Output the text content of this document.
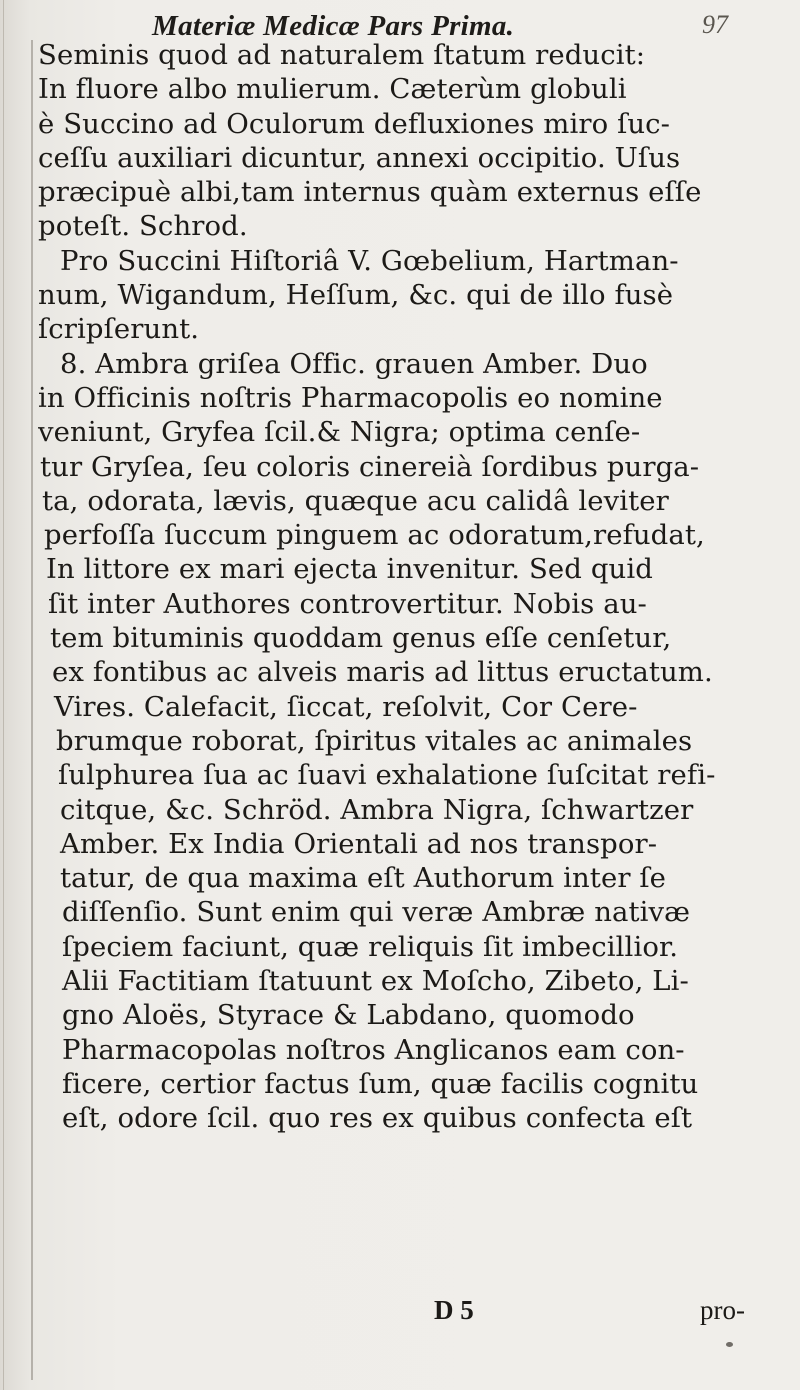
Materiæ Medicæ Pars Prima.	97
Seminis quod ad naturalem ſtatum reducit:
In fluore albo mulierum. Cæterùm globuli
è Succino ad Oculorum defluxiones miro ſuc-
ceſſu auxiliari dicuntur, annexi occipitio. Uſus
præcipuè albi,tam internus quàm externus eſſe
poteſt. Schrod.
Pro Succini Hiſtoriâ V. Gœbelium, Hartman-
num, Wigandum, Heſſum, &c. qui de illo fusè
ſcripſerunt.
8. Ambra griſea Offic. grauen Amber. Duo
in Officinis noſtris Pharmacopolis eo nomine
veniunt, Gryfea ſcil.& Nigra; optima cenſe-
tur Gryſea, ſeu coloris cinereià ſordibus purga-
ta, odorata, lævis, quæque acu calidâ leviter
perfoſſa ſuccum pinguem ac odoratum,refudat,
In littore ex mari ejecta invenitur. Sed quid
ſit inter Authores controvertitur. Nobis au-
tem bituminis quoddam genus eſſe cenſetur,
ex fontibus ac alveis maris ad littus eructatum.
Vires. Calefacit, ſiccat, reſolvit, Cor Cere-
brumque roborat, ſpiritus vitales ac animales
ſulphurea ſua ac ſuavi exhalatione ſuſcitat refi-
citque, &c. Schröd. Ambra Nigra, ſchwartzer
Amber. Ex India Orientali ad nos transpor-
tatur, de qua maxima eſt Authorum inter ſe
diſſenſio. Sunt enim qui veræ Ambræ nativæ
ſpeciem faciunt, quæ reliquis ſit imbecillior.
Alii Factitiam ſtatuunt ex Moſcho, Zibeto, Li-
gno Aloës, Styrace & Labdano, quomodo
Pharmacopolas noſtros Anglicanos eam con-
ficere, certior factus ſum, quæ facilis cognitu
eſt, odore ſcil. quo res ex quibus confecta eſt
D 5	pro-
